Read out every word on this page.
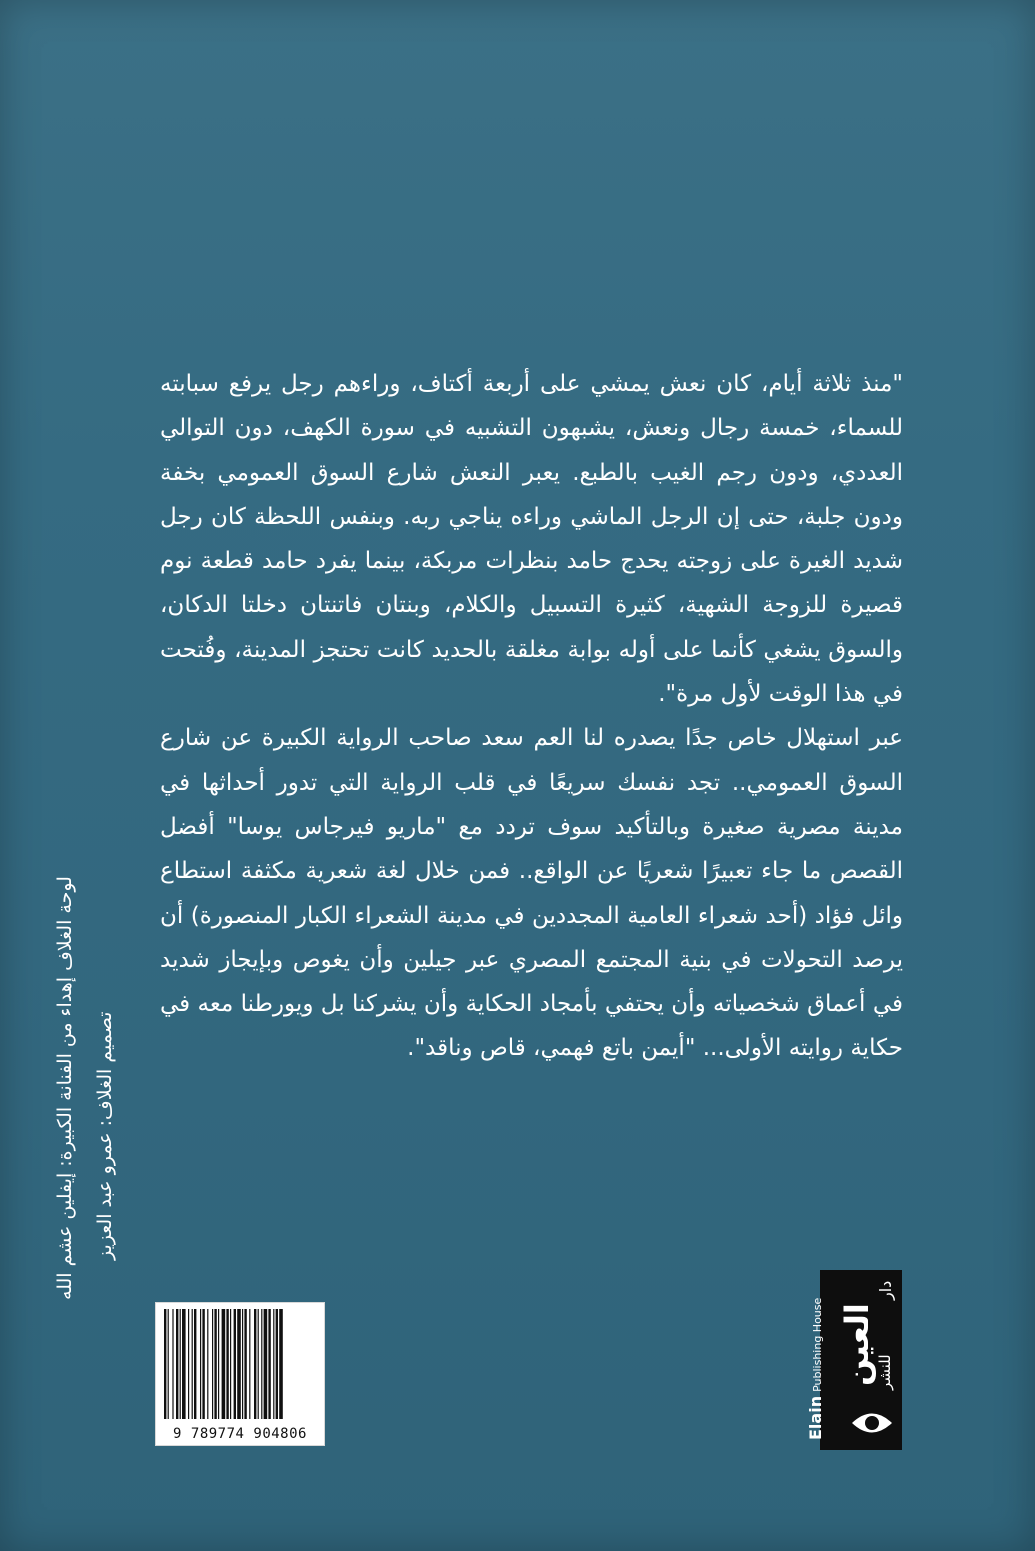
"منذ ثلاثة أيام، كان نعش يمشي على أربعة أكتاف، وراءهم رجل يرفع سبابته للسماء، خمسة رجال ونعش، يشبهون التشبيه في سورة الكهف، دون التوالي العددي، ودون رجم الغيب بالطبع. يعبر النعش شارع السوق العمومي بخفة ودون جلبة، حتى إن الرجل الماشي وراءه يناجي ربه. وبنفس اللحظة كان رجل شديد الغيرة على زوجته يحدج حامد بنظرات مربكة، بينما يفرد حامد قطعة نوم قصيرة للزوجة الشهية، كثيرة التسبيل والكلام، وبنتان فاتنتان دخلتا الدكان، والسوق يشغي كأنما على أوله بوابة مغلقة بالحديد كانت تحتجز المدينة، وفُتحت في هذا الوقت لأول مرة".

عبر استهلال خاص جدًا يصدره لنا العم سعد صاحب الرواية الكبيرة عن شارع السوق العمومي.. تجد نفسك سريعًا في قلب الرواية التي تدور أحداثها في مدينة مصرية صغيرة وبالتأكيد سوف تردد مع "ماريو فيرجاس يوسا" أفضل القصص ما جاء تعبيرًا شعريًا عن الواقع.. فمن خلال لغة شعرية مكثفة استطاع وائل فؤاد (أحد شعراء العامية المجددين في مدينة الشعراء الكبار المنصورة) أن يرصد التحولات في بنية المجتمع المصري عبر جيلين وأن يغوص وبإيجاز شديد في أعماق شخصياته وأن يحتفي بأمجاد الحكاية وأن يشركنا بل ويورطنا معه في حكاية روايته الأولى... "أيمن باتع فهمي، قاص وناقد".

لوحة الغلاف إهداء من الفنانة الكبيرة: إيفلين عشم الله تصميم الغلاف: عمرو عبد العزيز
9 789774 904806
دار
العين للنشر
ElainPublishing House
